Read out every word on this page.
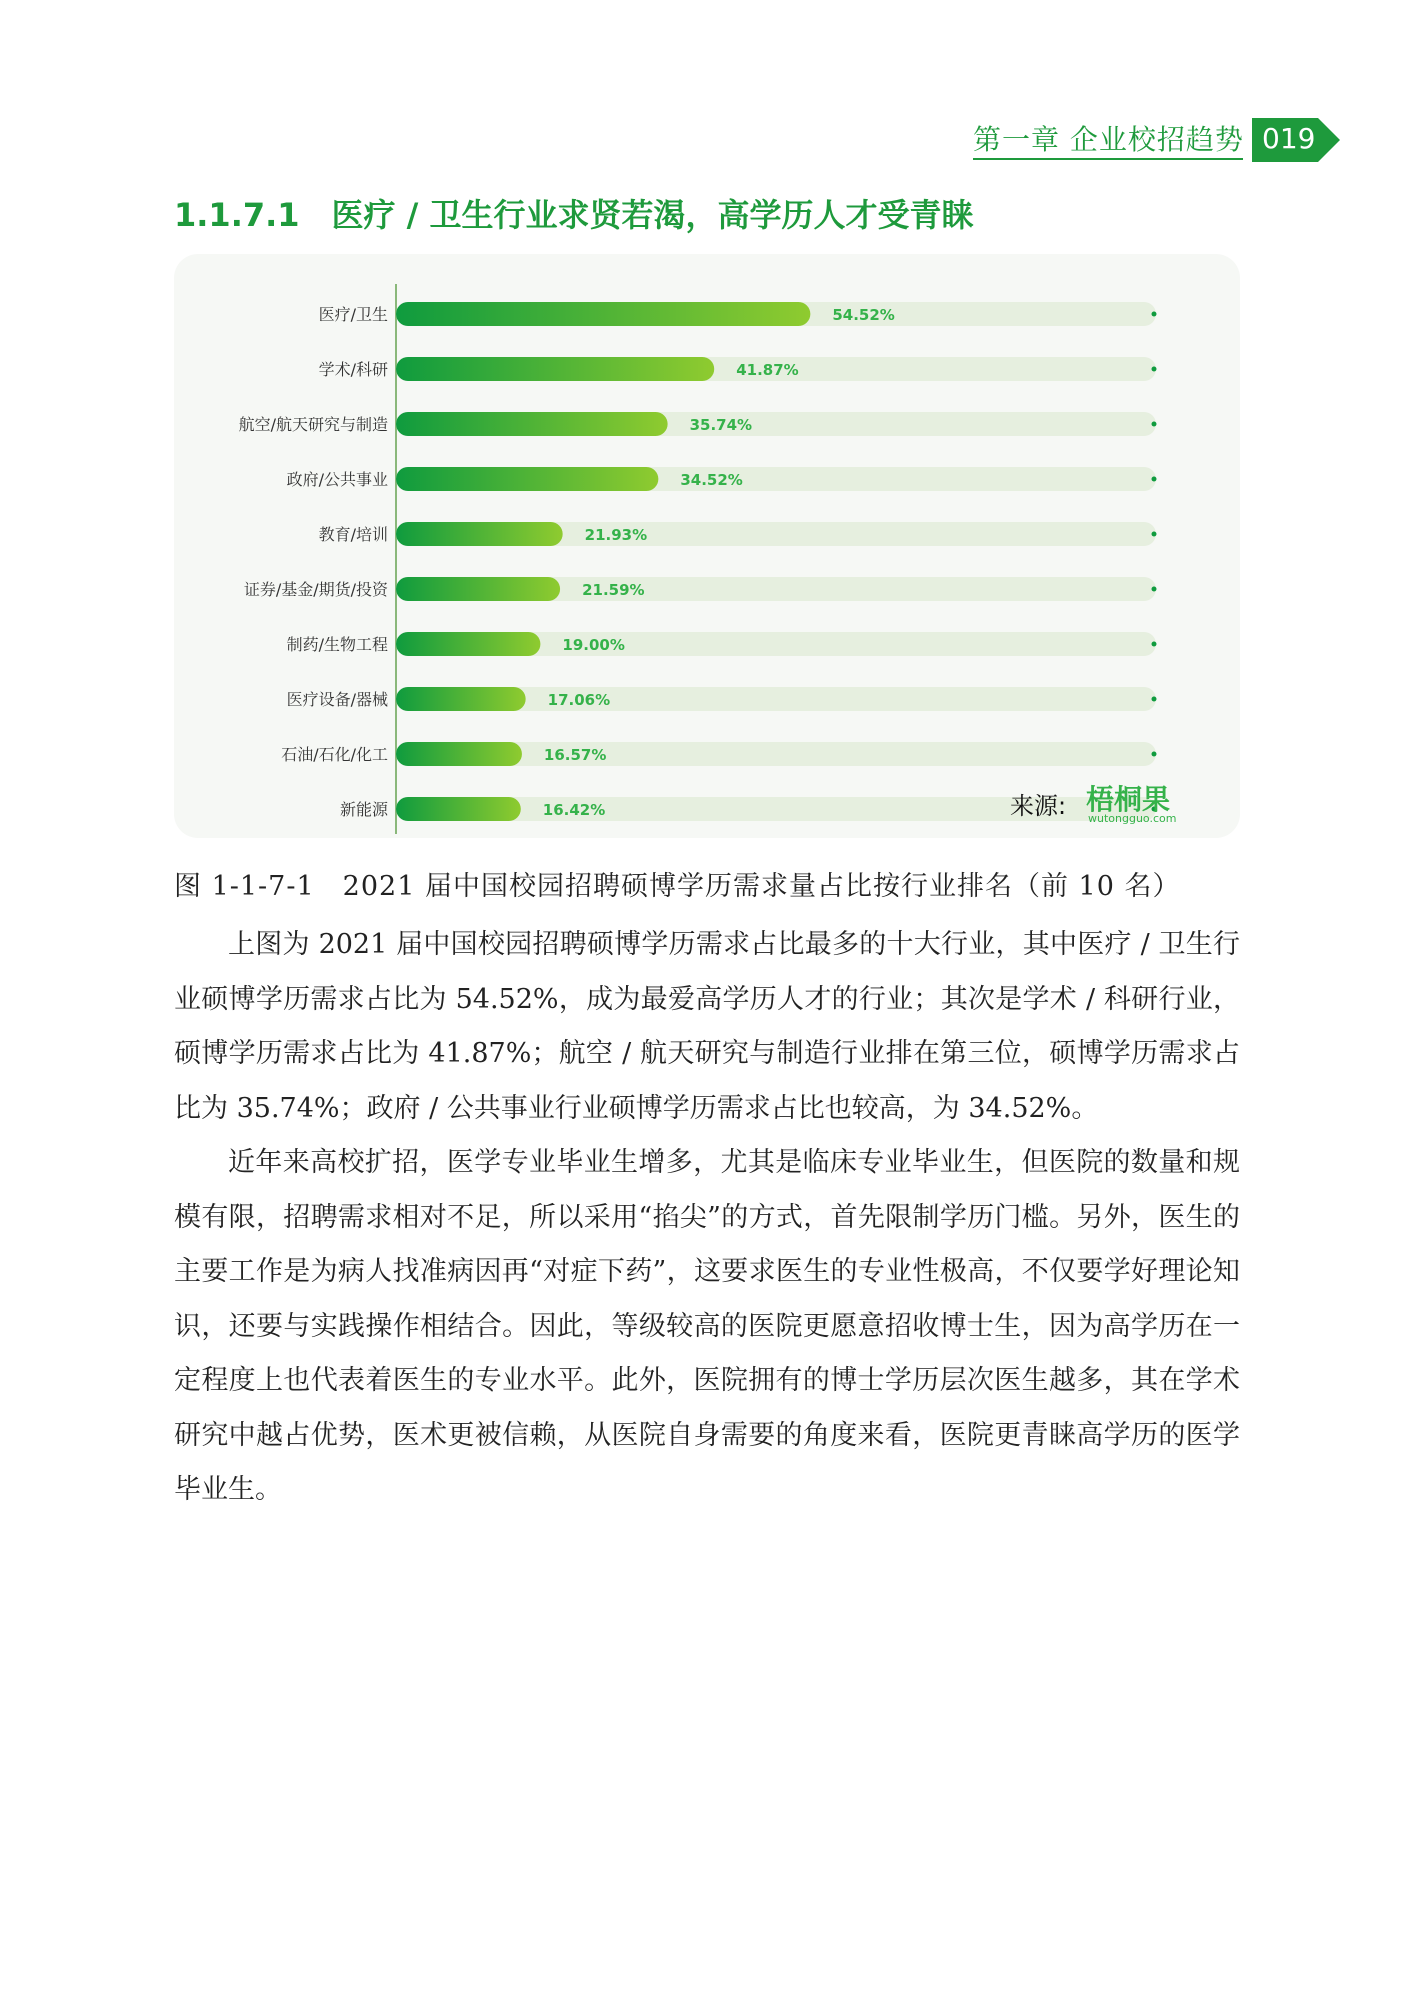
第一章 企业校招趋势 019
1.1.7.1　医疗 / 卫生行业求贤若渴，高学历人才受青睐
医疗/卫生	54.52%
学术/科研	41.87%
航空/航天研究与制造	35.74%
政府/公共事业	34.52%
教育/培训	21.93%
证券/基金/期货/投资	21.59%
制药/生物工程	19.00%
医疗设备/器械	17.06%
石油/石化/化工	16.57%
新能源	16.42%	来源: 梧桐果
wutongguo.com
图 1-1-7-1　2021 届中国校园招聘硕博学历需求量占比按行业排名（前 10 名）

上图为 2021 届中国校园招聘硕博学历需求占比最多的十大行业，其中医疗 / 卫生行业硕博学历需求占比为 54.52%，成为最爱高学历人才的行业；其次是学术 / 科研行业，硕博学历需求占比为 41.87%；航空 / 航天研究与制造行业排在第三位，硕博学历需求占比为 35.74%；政府 / 公共事业行业硕博学历需求占比也较高，为 34.52%。

近年来高校扩招，医学专业毕业生增多，尤其是临床专业毕业生，但医院的数量和规模有限，招聘需求相对不足，所以采用“掐尖”的方式，首先限制学历门槛。另外，医生的主要工作是为病人找准病因再“对症下药”，这要求医生的专业性极高，不仅要学好理论知识，还要与实践操作相结合。因此，等级较高的医院更愿意招收博士生，因为高学历在一定程度上也代表着医生的专业水平。此外，医院拥有的博士学历层次医生越多，其在学术研究中越占优势，医术更被信赖，从医院自身需要的角度来看，医院更青睐高学历的医学毕业生。
